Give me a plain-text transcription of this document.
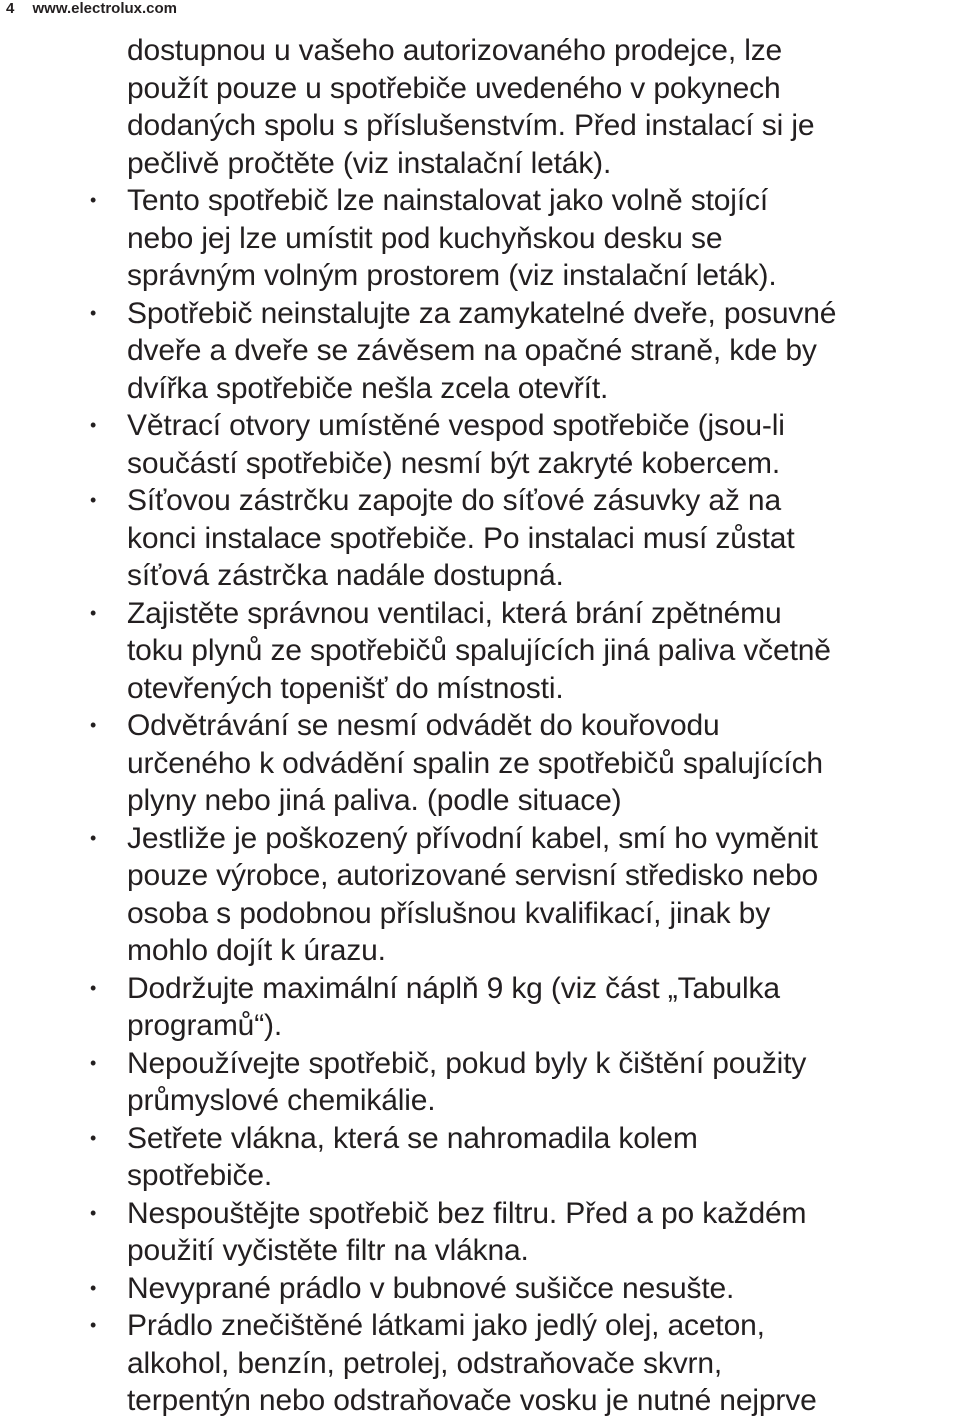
4 www.electrolux.com
dostupnou u vašeho autorizovaného prodejce, lze
použít pouze u spotřebiče uvedeného v pokynech
dodaných spolu s příslušenstvím. Před instalací si je
pečlivě pročtěte (viz instalační leták).
•	Tento spotřebič lze nainstalovat jako volně stojící
nebo jej lze umístit pod kuchyňskou desku se
správným volným prostorem (viz instalační leták).
•	Spotřebič neinstalujte za zamykatelné dveře, posuvné
dveře a dveře se závěsem na opačné straně, kde by
dvířka spotřebiče nešla zcela otevřít.
•	Větrací otvory umístěné vespod spotřebiče (jsou-li
součástí spotřebiče) nesmí být zakryté kobercem.
•	Síťovou zástrčku zapojte do síťové zásuvky až na
konci instalace spotřebiče. Po instalaci musí zůstat
síťová zástrčka nadále dostupná.
•	Zajistěte správnou ventilaci, která brání zpětnému
toku plynů ze spotřebičů spalujících jiná paliva včetně
otevřených topenišť do místnosti.
•	Odvětrávání se nesmí odvádět do kouřovodu
určeného k odvádění spalin ze spotřebičů spalujících
plyny nebo jiná paliva. (podle situace)
•	Jestliže je poškozený přívodní kabel, smí ho vyměnit
pouze výrobce, autorizované servisní středisko nebo
osoba s podobnou příslušnou kvalifikací, jinak by
mohlo dojít k úrazu.
•	Dodržujte maximální náplň 9 kg (viz část „Tabulka
programů“).
•	Nepoužívejte spotřebič, pokud byly k čištění použity
průmyslové chemikálie.
•	Setřete vlákna, která se nahromadila kolem
spotřebiče.
•	Nespouštějte spotřebič bez filtru. Před a po každém
použití vyčistěte filtr na vlákna.
•	Nevyprané prádlo v bubnové sušičce nesušte.
•	Prádlo znečištěné látkami jako jedlý olej, aceton,
alkohol, benzín, petrolej, odstraňovače skvrn,
terpentýn nebo odstraňovače vosku je nutné nejprve
